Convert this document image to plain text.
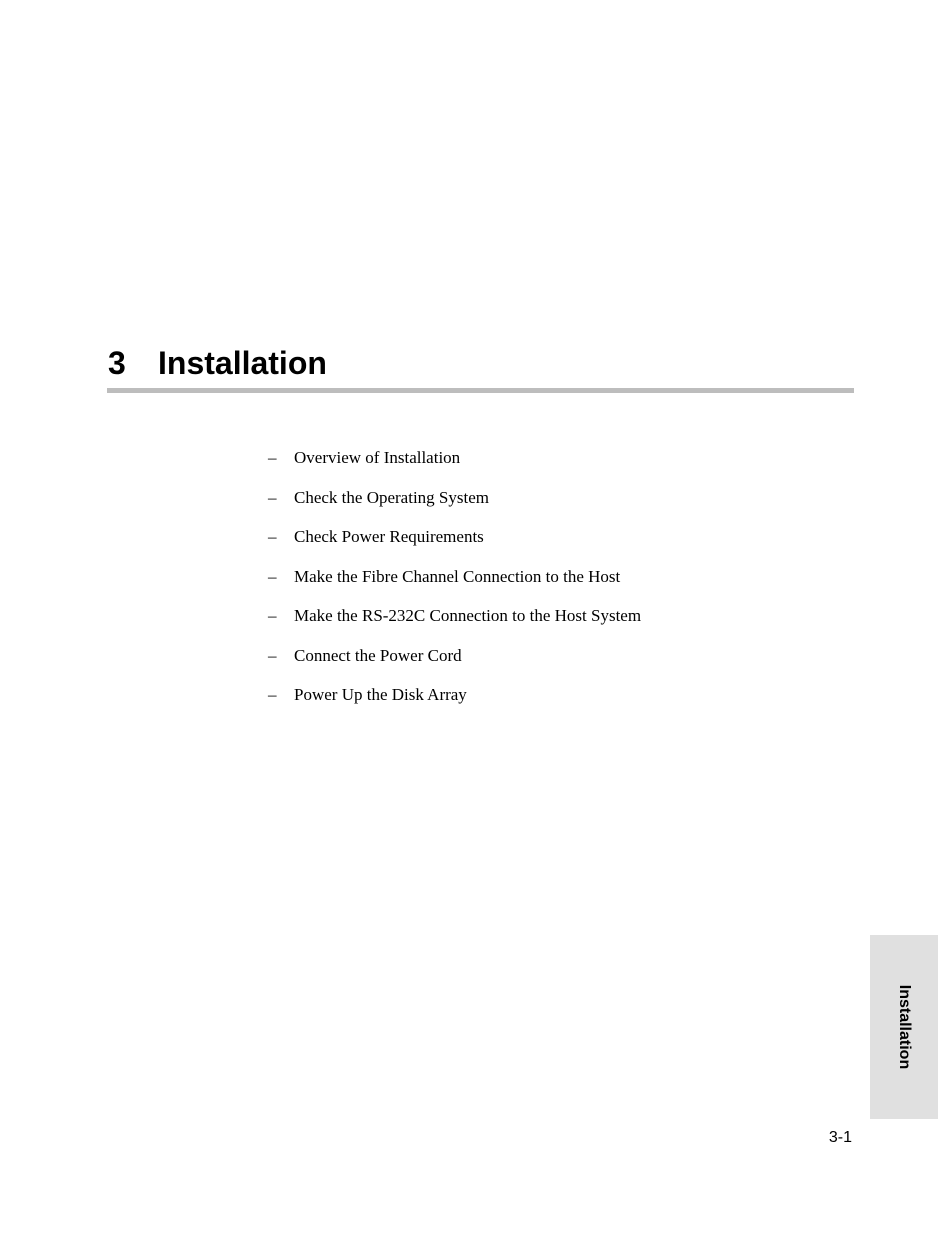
3 Installation
– Overview of Installation
– Check the Operating System
– Check Power Requirements
– Make the Fibre Channel Connection to the Host
– Make the RS-232C Connection to the Host System
– Connect the Power Cord
– Power Up the Disk Array
Installation
3-1
